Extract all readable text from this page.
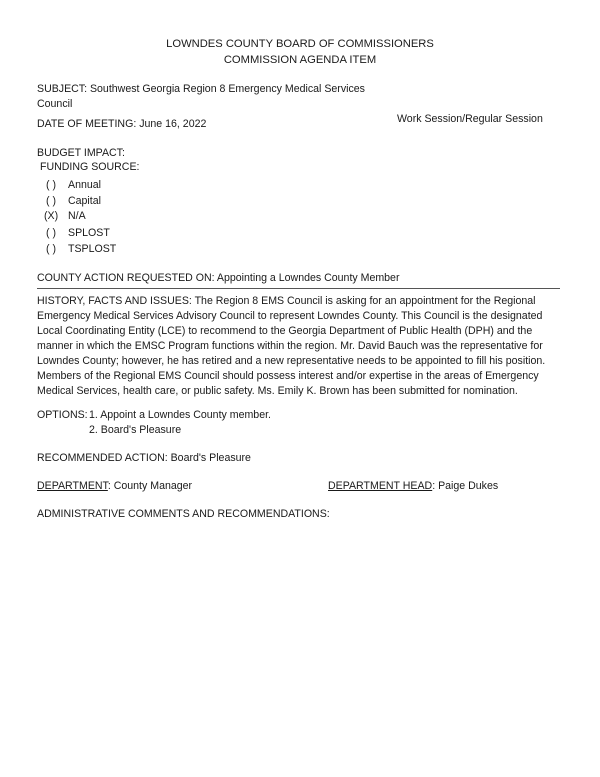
LOWNDES COUNTY BOARD OF COMMISSIONERS
COMMISSION AGENDA ITEM
SUBJECT: Southwest Georgia Region 8 Emergency Medical Services
Council
DATE OF MEETING: June 16, 2022	Work Session/Regular Session
BUDGET IMPACT:
FUNDING SOURCE:
( ) Annual
( ) Capital
(X) N/A
( ) SPLOST
( ) TSPLOST
COUNTY ACTION REQUESTED ON: Appointing a Lowndes County Member
HISTORY, FACTS AND ISSUES: The Region 8 EMS Council is asking for an appointment for the Regional
Emergency Medical Services Advisory Council to represent Lowndes County. This Council is the designated
Local Coordinating Entity (LCE) to recommend to the Georgia Department of Public Health (DPH) and the
manner in which the EMSC Program functions within the region. Mr. David Bauch was the representative for
Lowndes County; however, he has retired and a new representative needs to be appointed to fill his position.
Members of the Regional EMS Council should possess interest and/or expertise in the areas of Emergency
Medical Services, health care, or public safety. Ms. Emily K. Brown has been submitted for nomination.
OPTIONS: 1. Appoint a Lowndes County member.
2. Board's Pleasure
RECOMMENDED ACTION: Board's Pleasure
DEPARTMENT: County Manager	DEPARTMENT HEAD: Paige Dukes
ADMINISTRATIVE COMMENTS AND RECOMMENDATIONS:
